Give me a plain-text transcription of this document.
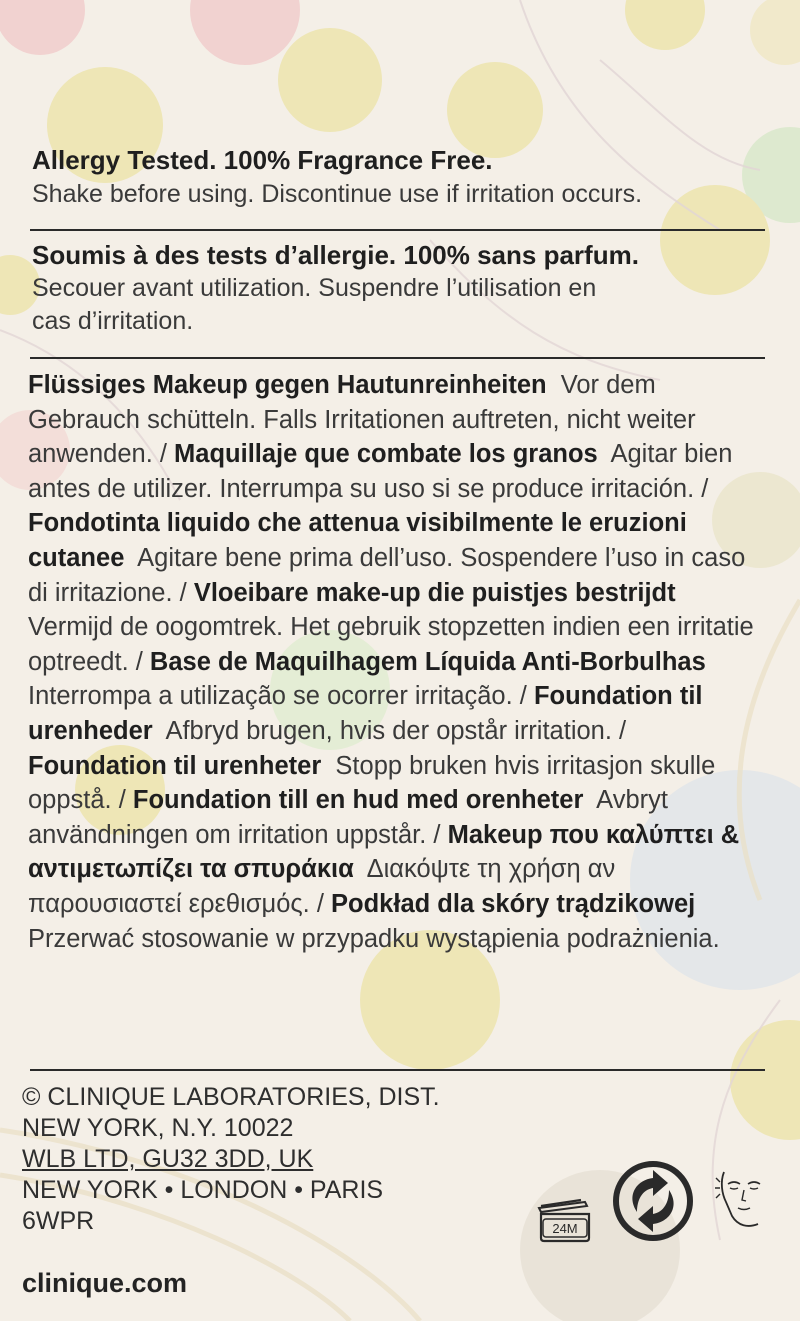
Allergy Tested. 100% Fragrance Free.
Shake before using. Discontinue use if irritation occurs.
Soumis à des tests d’allergie. 100% sans parfum.
Secouer avant utilization. Suspendre l’utilisation en
cas d’irritation.
Flüssiges Makeup gegen Hautunreinheiten Vor dem Gebrauch schütteln. Falls Irritationen auftreten, nicht weiter anwenden. / Maquillaje que combate los granos Agitar bien antes de utilizer. Interrumpa su uso si se produce irritación. / Fondotinta liquido che attenua visibilmente le eruzioni cutanee Agitare bene prima dell’uso. Sospendere l’uso in caso di irritazione. / Vloeibare make-up die puistjes bestrijdt  Vermijd de oogomtrek. Het gebruik stopzetten indien een irritatie optreedt. / Base de Maquilhagem Líquida Anti-Borbulhas  Interrompa a utilização se ocorrer irritação. / Foundation til urenheder Afbryd brugen, hvis der opstår irritation. / Foundation til urenheter Stopp bruken hvis irritasjon skulle oppstå. / Foundation till en hud med orenheter Avbryt användningen om irritation uppstår. / Makeup που καλύπτει & αντιμετωπίζει τα σπυράκια Διακόψτε τη χρήση αν παρουσιαστεί ερεθισμός. / Podkład dla skóry trądzikowej  Przerwać stosowanie w przypadku wystąpienia podrażnienia.
© CLINIQUE LABORATORIES, DIST.
NEW YORK, N.Y. 10022
WLB LTD, GU32 3DD, UK
NEW YORK • LONDON • PARIS
6WPR	24M
clinique.com
